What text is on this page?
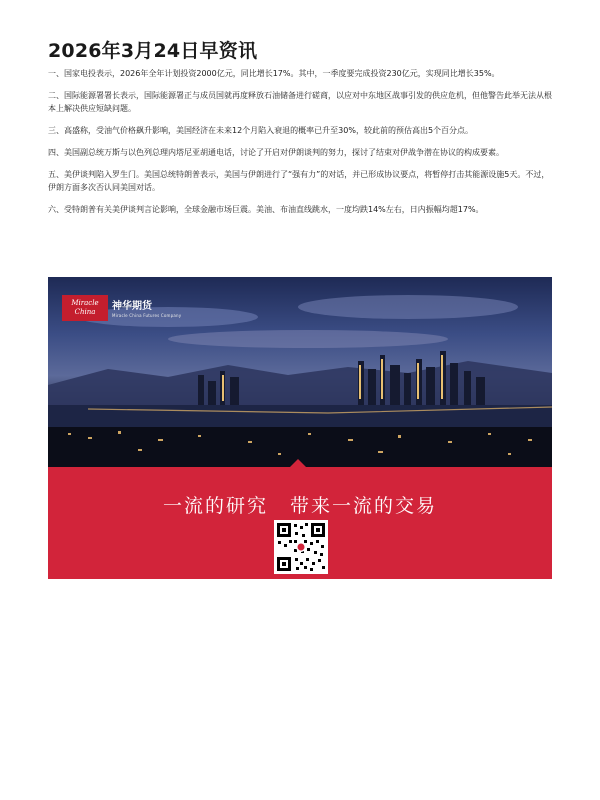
2026年3月24日早资讯

一、国家电投表示，2026年全年计划投资2000亿元，同比增长17%。其中，一季度要完成投资230亿元，实现同比增长35%。

二、国际能源署署长表示，国际能源署正与成员国就再度释放石油储备进行磋商，以应对中东地区战事引发的供应危机，但他警告此举无法从根本上解决供应短缺问题。

三、高盛称，受油气价格飙升影响，美国经济在未来12个月陷入衰退的概率已升至30%，较此前的预估高出5个百分点。

四、美国副总统万斯与以色列总理内塔尼亚胡通电话，讨论了开启对伊朗谈判的努力，探讨了结束对伊战争潜在协议的构成要素。

五、美伊谈判陷入罗生门。美国总统特朗普表示，美国与伊朗进行了“强有力”的对话，并已形成协议要点，将暂停打击其能源设施5天。不过，伊朗方面多次否认同美国对话。

六、受特朗普有关美伊谈判言论影响，全球金融市场巨震。美油、布油直线跳水，一度均跌14%左右，日内振幅均超17%。

Miracle China	神华期货
Miracle China Futures Company
一流的研究 带来一流的交易
